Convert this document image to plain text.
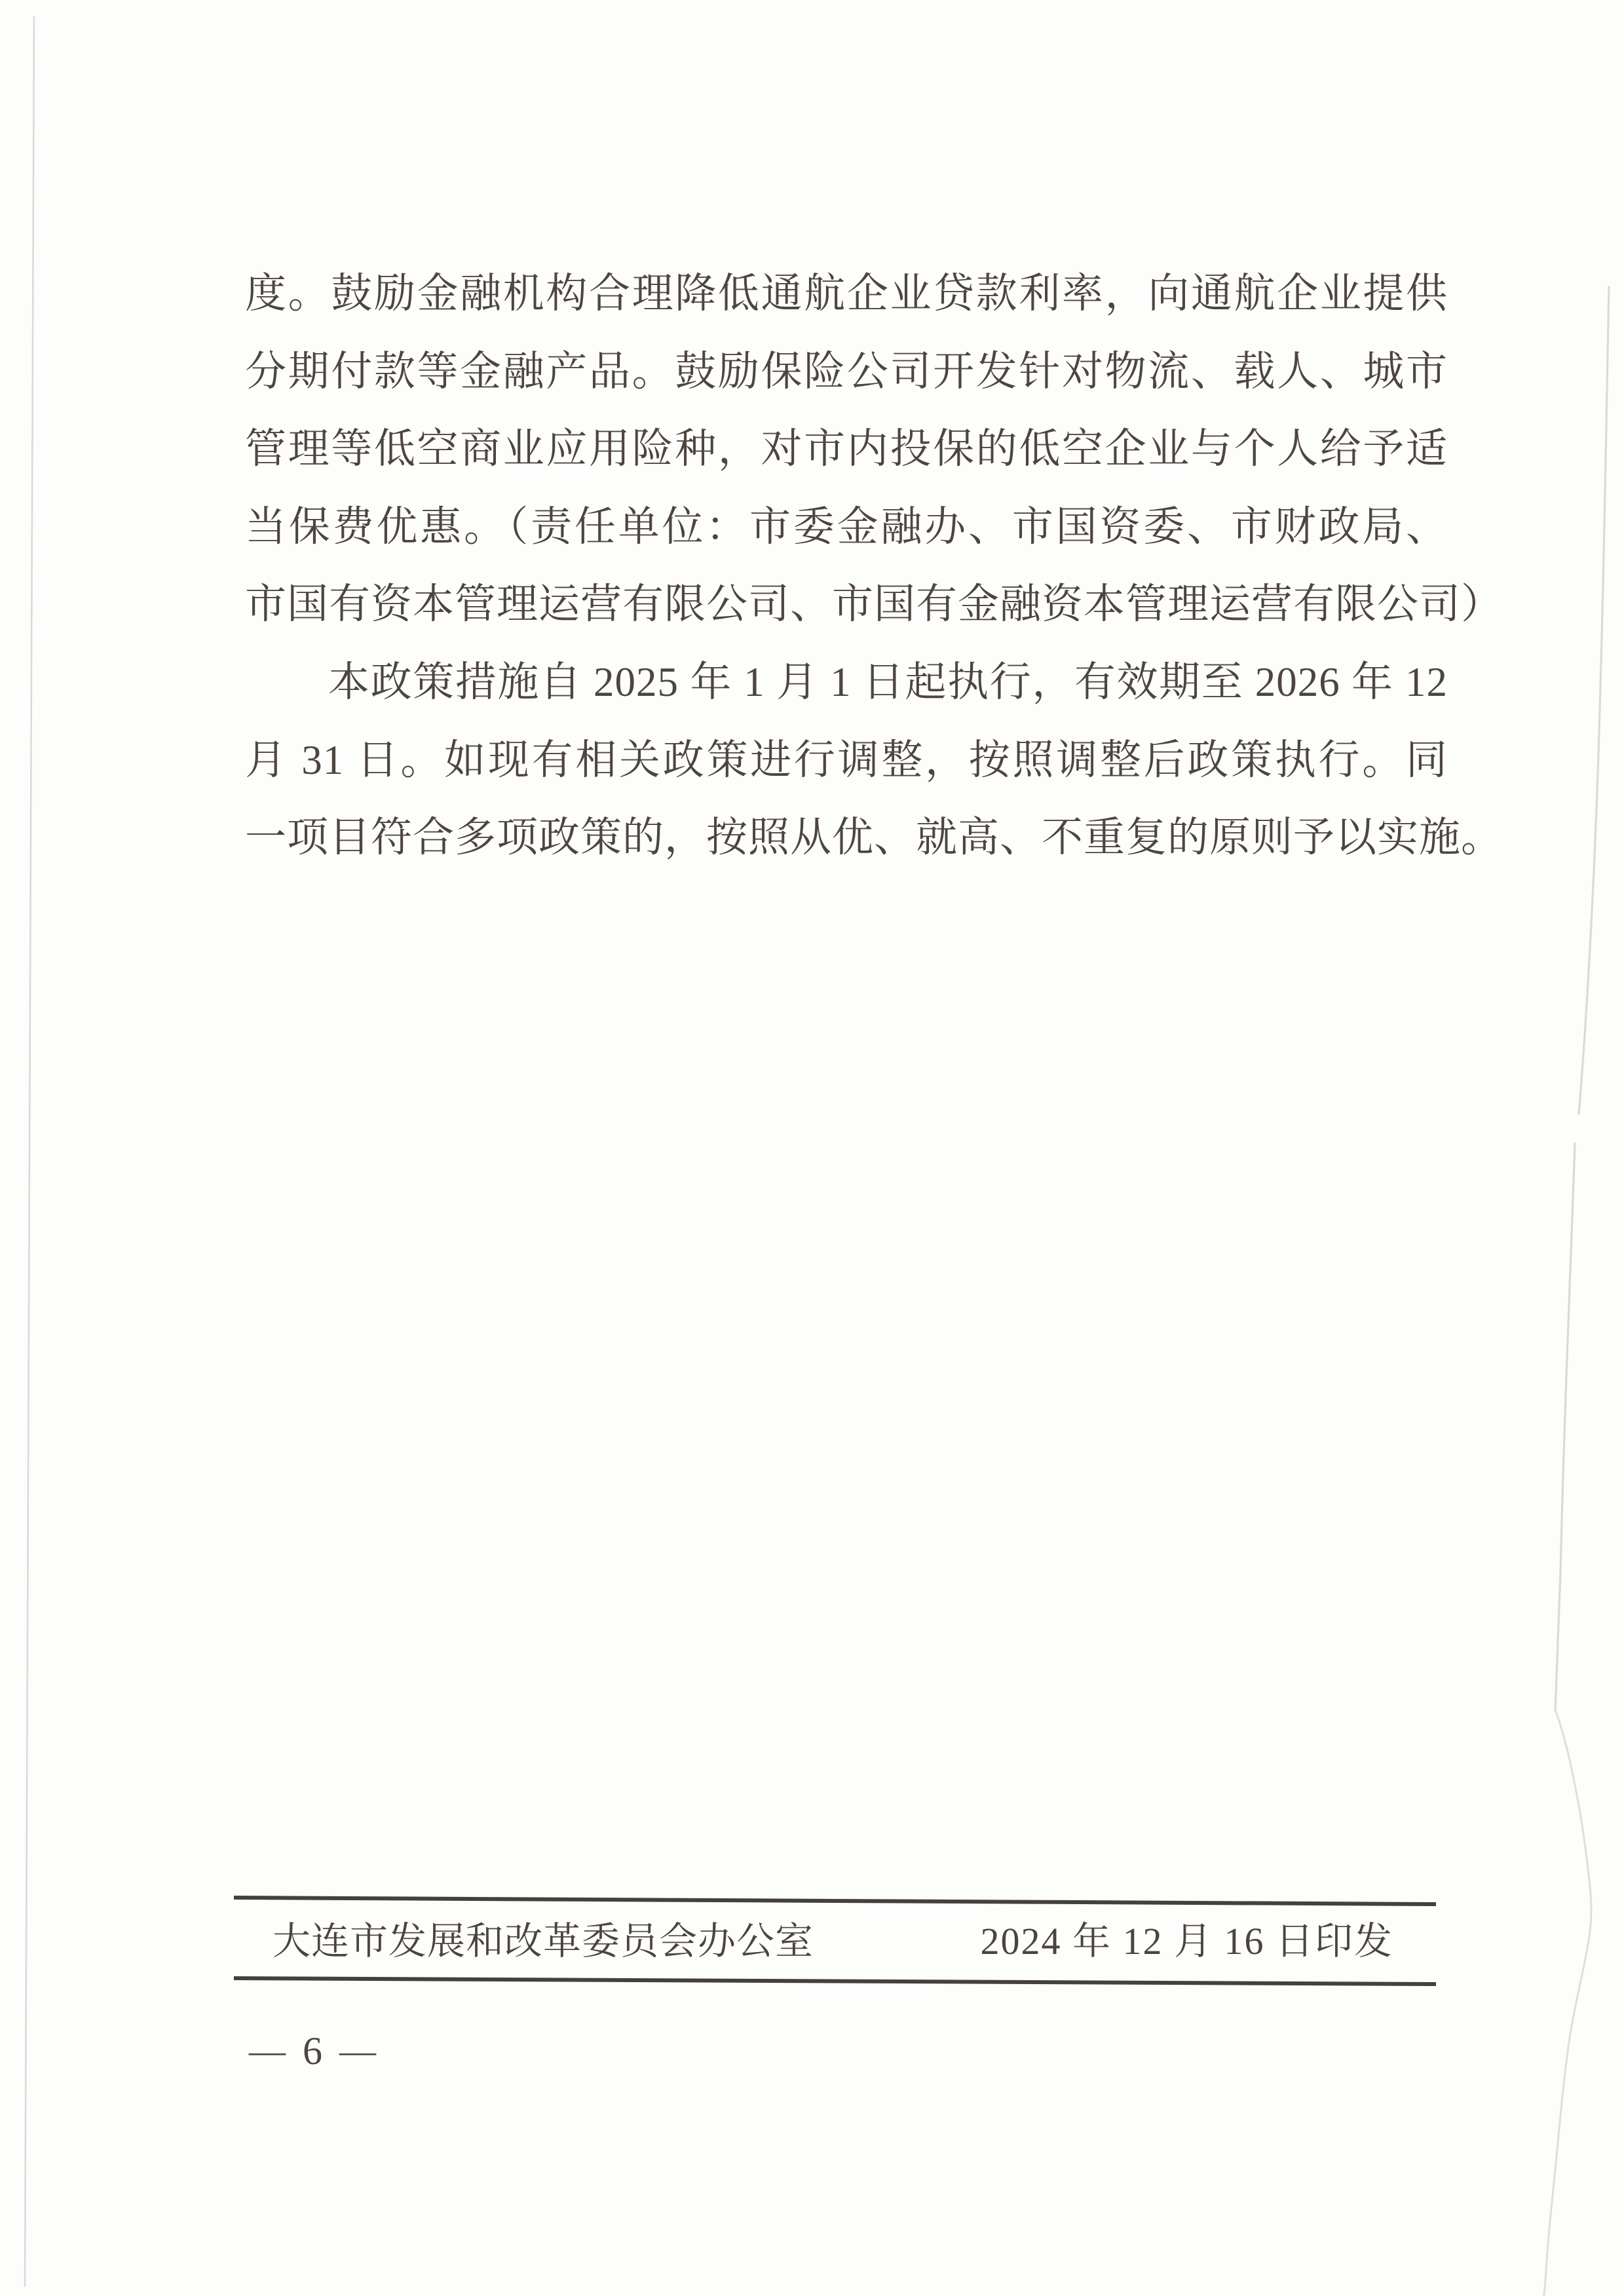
度。鼓励金融机构合理降低通航企业贷款利率，向通航企业提供
分期付款等金融产品。鼓励保险公司开发针对物流、载人、城市
管理等低空商业应用险种，对市内投保的低空企业与个人给予适
当保费优惠。（责任单位：市委金融办、市国资委、市财政局、
市国有资本管理运营有限公司、市国有金融资本管理运营有限公司）
本政策措施自 2025 年 1 月 1 日起执行，有效期至 2026 年 12
月 31 日。如现有相关政策进行调整，按照调整后政策执行。同
一项目符合多项政策的，按照从优、就高、不重复的原则予以实施。
大连市发展和改革委员会办公室	2024 年 12 月 16 日印发
— 6 —
